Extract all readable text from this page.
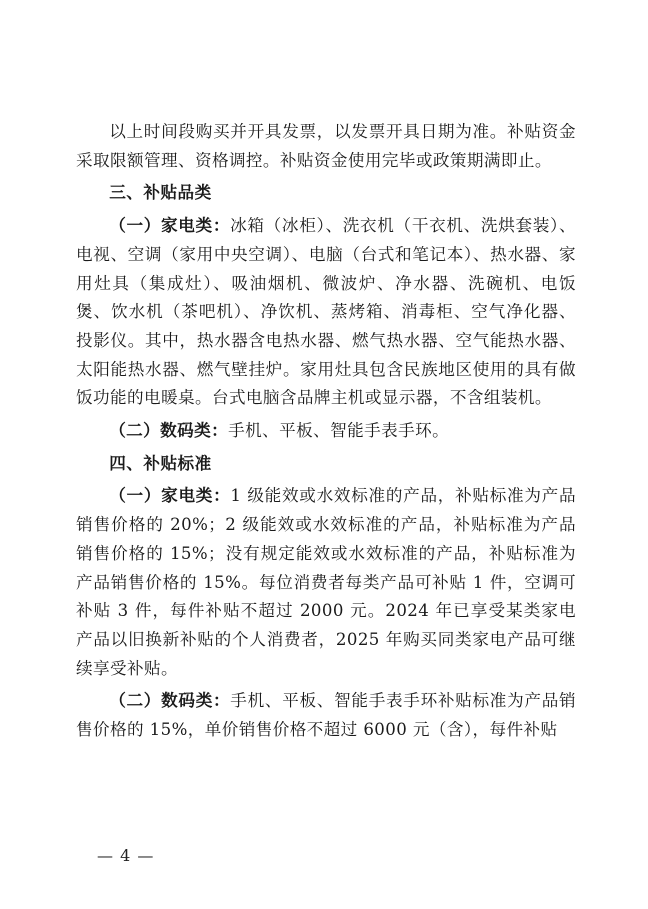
以上时间段购买并开具发票，以发票开具日期为准。补贴资金采取限额管理、资格调控。补贴资金使用完毕或政策期满即止。

三、补贴品类

（一）家电类：冰箱（冰柜）、洗衣机（干衣机、洗烘套装）、电视、空调（家用中央空调）、电脑（台式和笔记本）、热水器、家用灶具（集成灶）、吸油烟机、微波炉、净水器、洗碗机、电饭煲、饮水机（茶吧机）、净饮机、蒸烤箱、消毒柜、空气净化器、投影仪。其中，热水器含电热水器、燃气热水器、空气能热水器、太阳能热水器、燃气壁挂炉。家用灶具包含民族地区使用的具有做饭功能的电暖桌。台式电脑含品牌主机或显示器，不含组装机。

（二）数码类：手机、平板、智能手表手环。

四、补贴标准

（一）家电类：1 级能效或水效标准的产品，补贴标准为产品销售价格的 20%；2 级能效或水效标准的产品，补贴标准为产品销售价格的 15%；没有规定能效或水效标准的产品，补贴标准为产品销售价格的 15%。每位消费者每类产品可补贴 1 件，空调可补贴 3 件，每件补贴不超过 2000 元。2024 年已享受某类家电产品以旧换新补贴的个人消费者，2025 年购买同类家电产品可继续享受补贴。

（二）数码类：手机、平板、智能手表手环补贴标准为产品销售价格的 15%，单价销售价格不超过 6000 元（含），每件补贴

— 4 —
